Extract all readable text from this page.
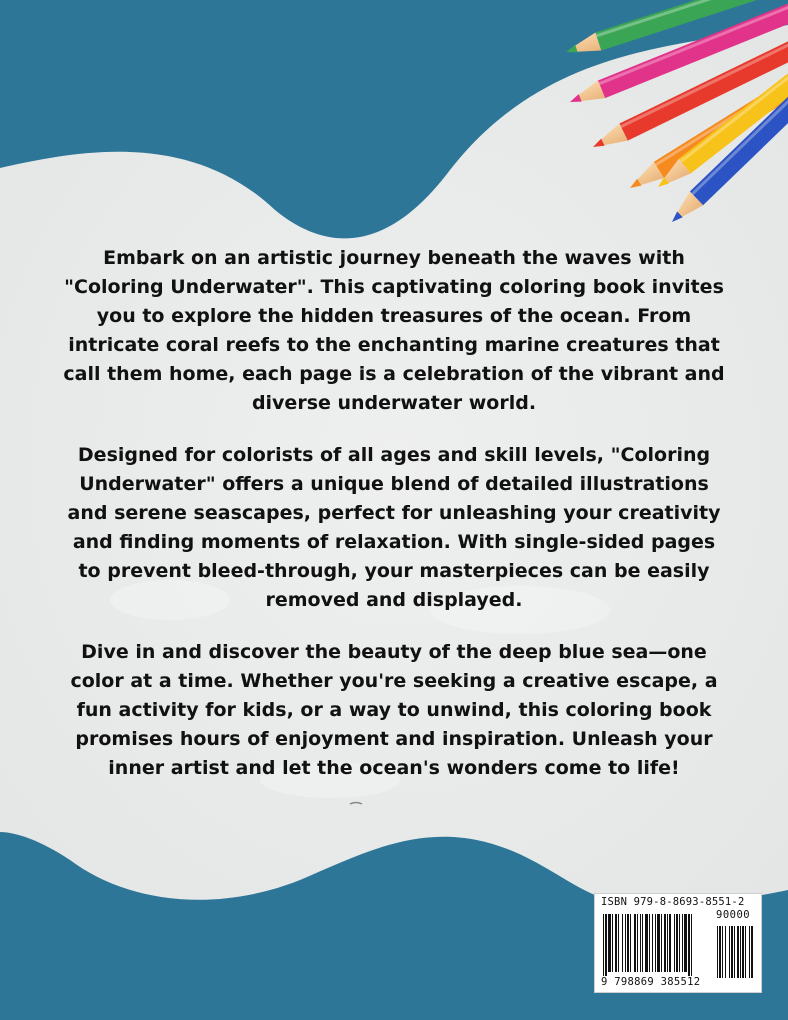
Embark on an artistic journey beneath the waves with "Coloring Underwater". This captivating coloring book invites you to explore the hidden treasures of the ocean. From intricate coral reefs to the enchanting marine creatures that call them home, each page is a celebration of the vibrant and diverse underwater world.

Designed for colorists of all ages and skill levels, "Coloring Underwater" offers a unique blend of detailed illustrations and serene seascapes, perfect for unleashing your creativity and finding moments of relaxation. With single-sided pages to prevent bleed-through, your masterpieces can be easily removed and displayed.

Dive in and discover the beauty of the deep blue sea—one color at a time. Whether you're seeking a creative escape, a fun activity for kids, or a way to unwind, this coloring book promises hours of enjoyment and inspiration. Unleash your inner artist and let the ocean's wonders come to life!

ISBN 979-8-8693-8551-2
90000
9 798869 385512
